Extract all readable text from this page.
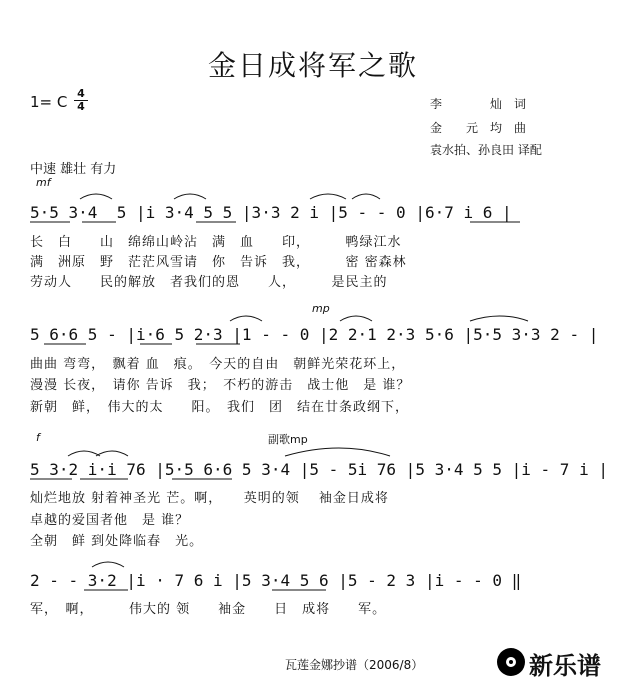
金日成将军之歌
1= C 4
4	李　　　　灿　词
金　　元　均　曲
袁水拍、孙良田 译配
中速 雄壮 有力
mf
5·5 3·4  5 |i 3·4 5 5 |3·3 2 i |5 - - 0 |6·7 i 6 |
长　白　　山　绵绵山岭沾　满　血　　印，　　　鸭绿江水
满　洲原　野　茫茫风雪请　你　告诉　我，　　　密 密森林
劳动人　　民的解放　者我们的恩　　人，　　　是民主的
mp
5 6·6 5 - |i·6 5 2·3 |1 - - 0 |2 2·1 2·3 5·6 |5·5 3·3 2 - |
曲曲 弯弯，　飘着 血　痕。　今天的自由　朝鲜光荣花环上，
漫漫 长夜，　请你 告诉　我；　不朽的游击　战士他　是 谁？
新朝　鲜，　伟大的太　　阳。　我们　团　结在廿条政纲下，
f	副歌mp
5 3·2 i·i 76 |5·5 6·6 5 3·4 |5 - 5i 76 |5 3·4 5 5 |i - 7 i |
灿烂地放 射着神圣光 芒。啊，　　英明的领　 袖金日成将
卓越的爱国者他　是 谁？
全朝　鲜 到处降临春　光。
2 - - 3·2 |i · 7 6 i |5 3·4 5 6 |5 - 2 3 |i - - 0 ‖
军，　啊，　　　伟大的 领　　袖金　　日　成将　　军。
瓦莲金娜抄谱（2006/8）	新乐谱
